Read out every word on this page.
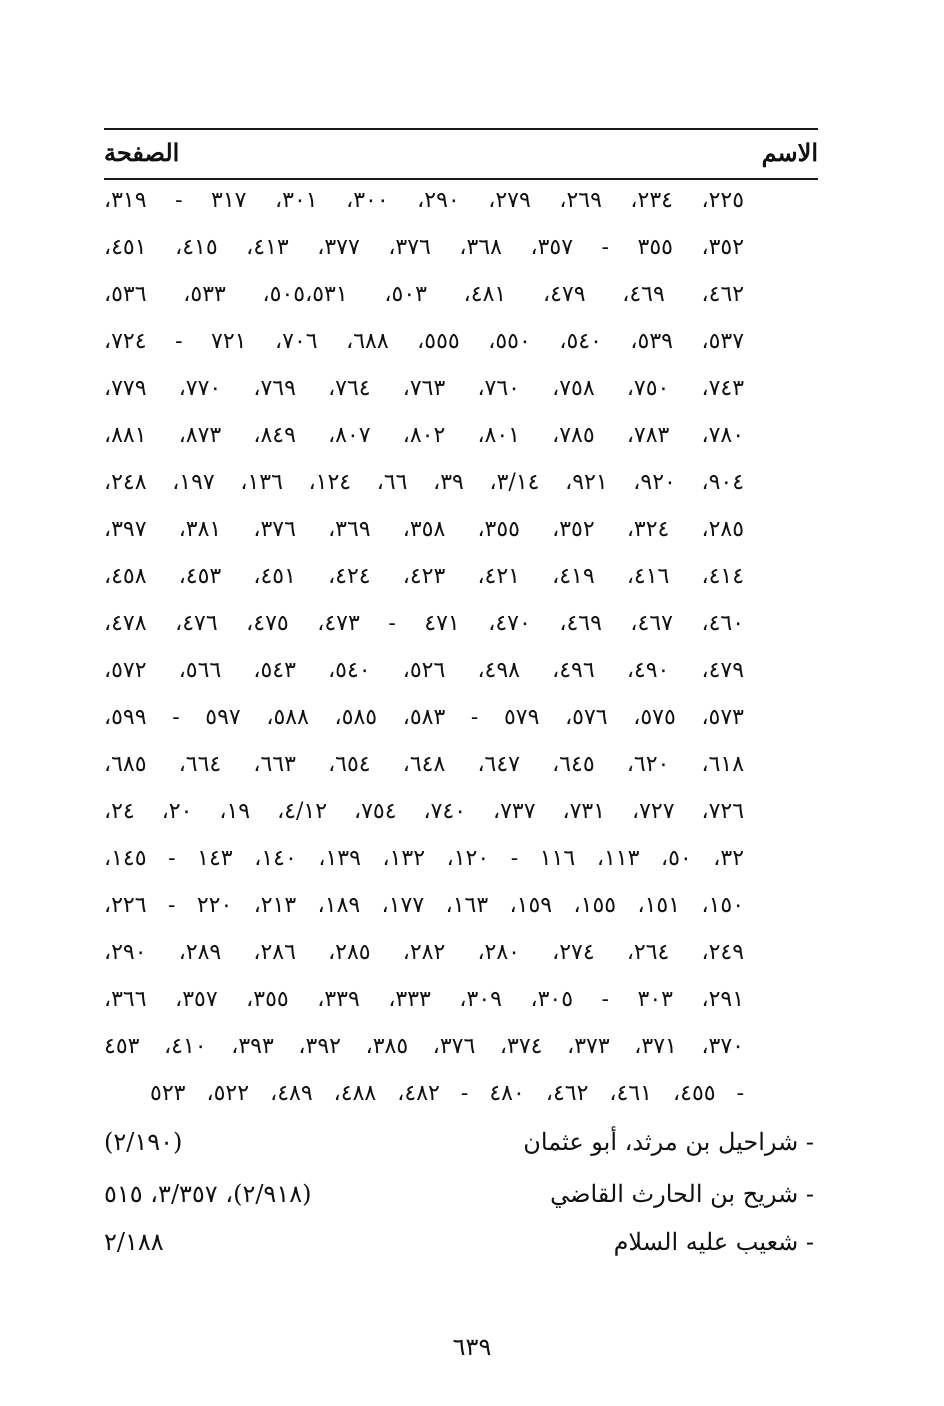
الاسم
الصفحة
٢٢٥، ٢٣٤، ٢٦٩، ٢٧٩، ٢٩٠، ٣٠٠، ٣٠١، ٣١٧ - ٣١٩،
٣٥٢، ٣٥٥ - ٣٥٧، ٣٦٨، ٣٧٦، ٣٧٧، ٤١٣، ٤١٥، ٤٥١،
٤٦٢، ٤٦٩، ٤٧٩، ٤٨١، ٥٠٣، ٥٠٥،٥٣١، ٥٣٣، ٥٣٦،
٥٣٧، ٥٣٩، ٥٤٠، ٥٥٠، ٥٥٥، ٦٨٨، ٧٠٦، ٧٢١ - ٧٢٤،
٧٤٣، ٧٥٠، ٧٥٨، ٧٦٠، ٧٦٣، ٧٦٤، ٧٦٩، ٧٧٠، ٧٧٩،
٧٨٠، ٧٨٣، ٧٨٥، ٨٠١، ٨٠٢، ٨٠٧، ٨٤٩، ٨٧٣، ٨٨١،
٩٠٤، ٩٢٠، ٩٢١، ٣/١٤، ٣٩، ٦٦، ١٢٤، ١٣٦، ١٩٧، ٢٤٨،
٢٨٥، ٣٢٤، ٣٥٢، ٣٥٥، ٣٥٨، ٣٦٩، ٣٧٦، ٣٨١، ٣٩٧،
٤١٤، ٤١٦، ٤١٩، ٤٢١، ٤٢٣، ٤٢٤، ٤٥١، ٤٥٣، ٤٥٨،
٤٦٠، ٤٦٧، ٤٦٩، ٤٧٠، ٤٧١ - ٤٧٣، ٤٧٥، ٤٧٦، ٤٧٨،
٤٧٩، ٤٩٠، ٤٩٦، ٤٩٨، ٥٢٦، ٥٤٠، ٥٤٣، ٥٦٦، ٥٧٢،
٥٧٣، ٥٧٥، ٥٧٦، ٥٧٩ - ٥٨٣، ٥٨٥، ٥٨٨، ٥٩٧ - ٥٩٩،
٦١٨، ٦٢٠، ٦٤٥، ٦٤٧، ٦٤٨، ٦٥٤، ٦٦٣، ٦٦٤، ٦٨٥،
٧٢٦، ٧٢٧، ٧٣١، ٧٣٧، ٧٤٠، ٧٥٤، ٤/١٢، ١٩، ٢٠، ٢٤،
٣٢، ٥٠، ١١٣، ١١٦ - ١٢٠، ١٣٢، ١٣٩، ١٤٠، ١٤٣ - ١٤٥،
١٥٠، ١٥١، ١٥٥، ١٥٩، ١٦٣، ١٧٧، ١٨٩، ٢١٣، ٢٢٠ - ٢٢٦،
٢٤٩، ٢٦٤، ٢٧٤، ٢٨٠، ٢٨٢، ٢٨٥، ٢٨٦، ٢٨٩، ٢٩٠،
٢٩١، ٣٠٣ - ٣٠٥، ٣٠٩، ٣٣٣، ٣٣٩، ٣٥٥، ٣٥٧، ٣٦٦،
٣٧٠، ٣٧١، ٣٧٣، ٣٧٤، ٣٧٦، ٣٨٥، ٣٩٢، ٣٩٣، ٤١٠، ٤٥٣
- ٤٥٥، ٤٦١، ٤٦٢، ٤٨٠ - ٤٨٢، ٤٨٨، ٤٨٩، ٥٢٢، ٥٢٣
- شراحيل بن مرثد، أبو عثمان
(٢/١٩٠)
- شريح بن الحارث القاضي
(٢/٩١٨)، ٣/٣٥٧، ٥١٥
- شعيب عليه السلام
٢/١٨٨
٦٣٩
